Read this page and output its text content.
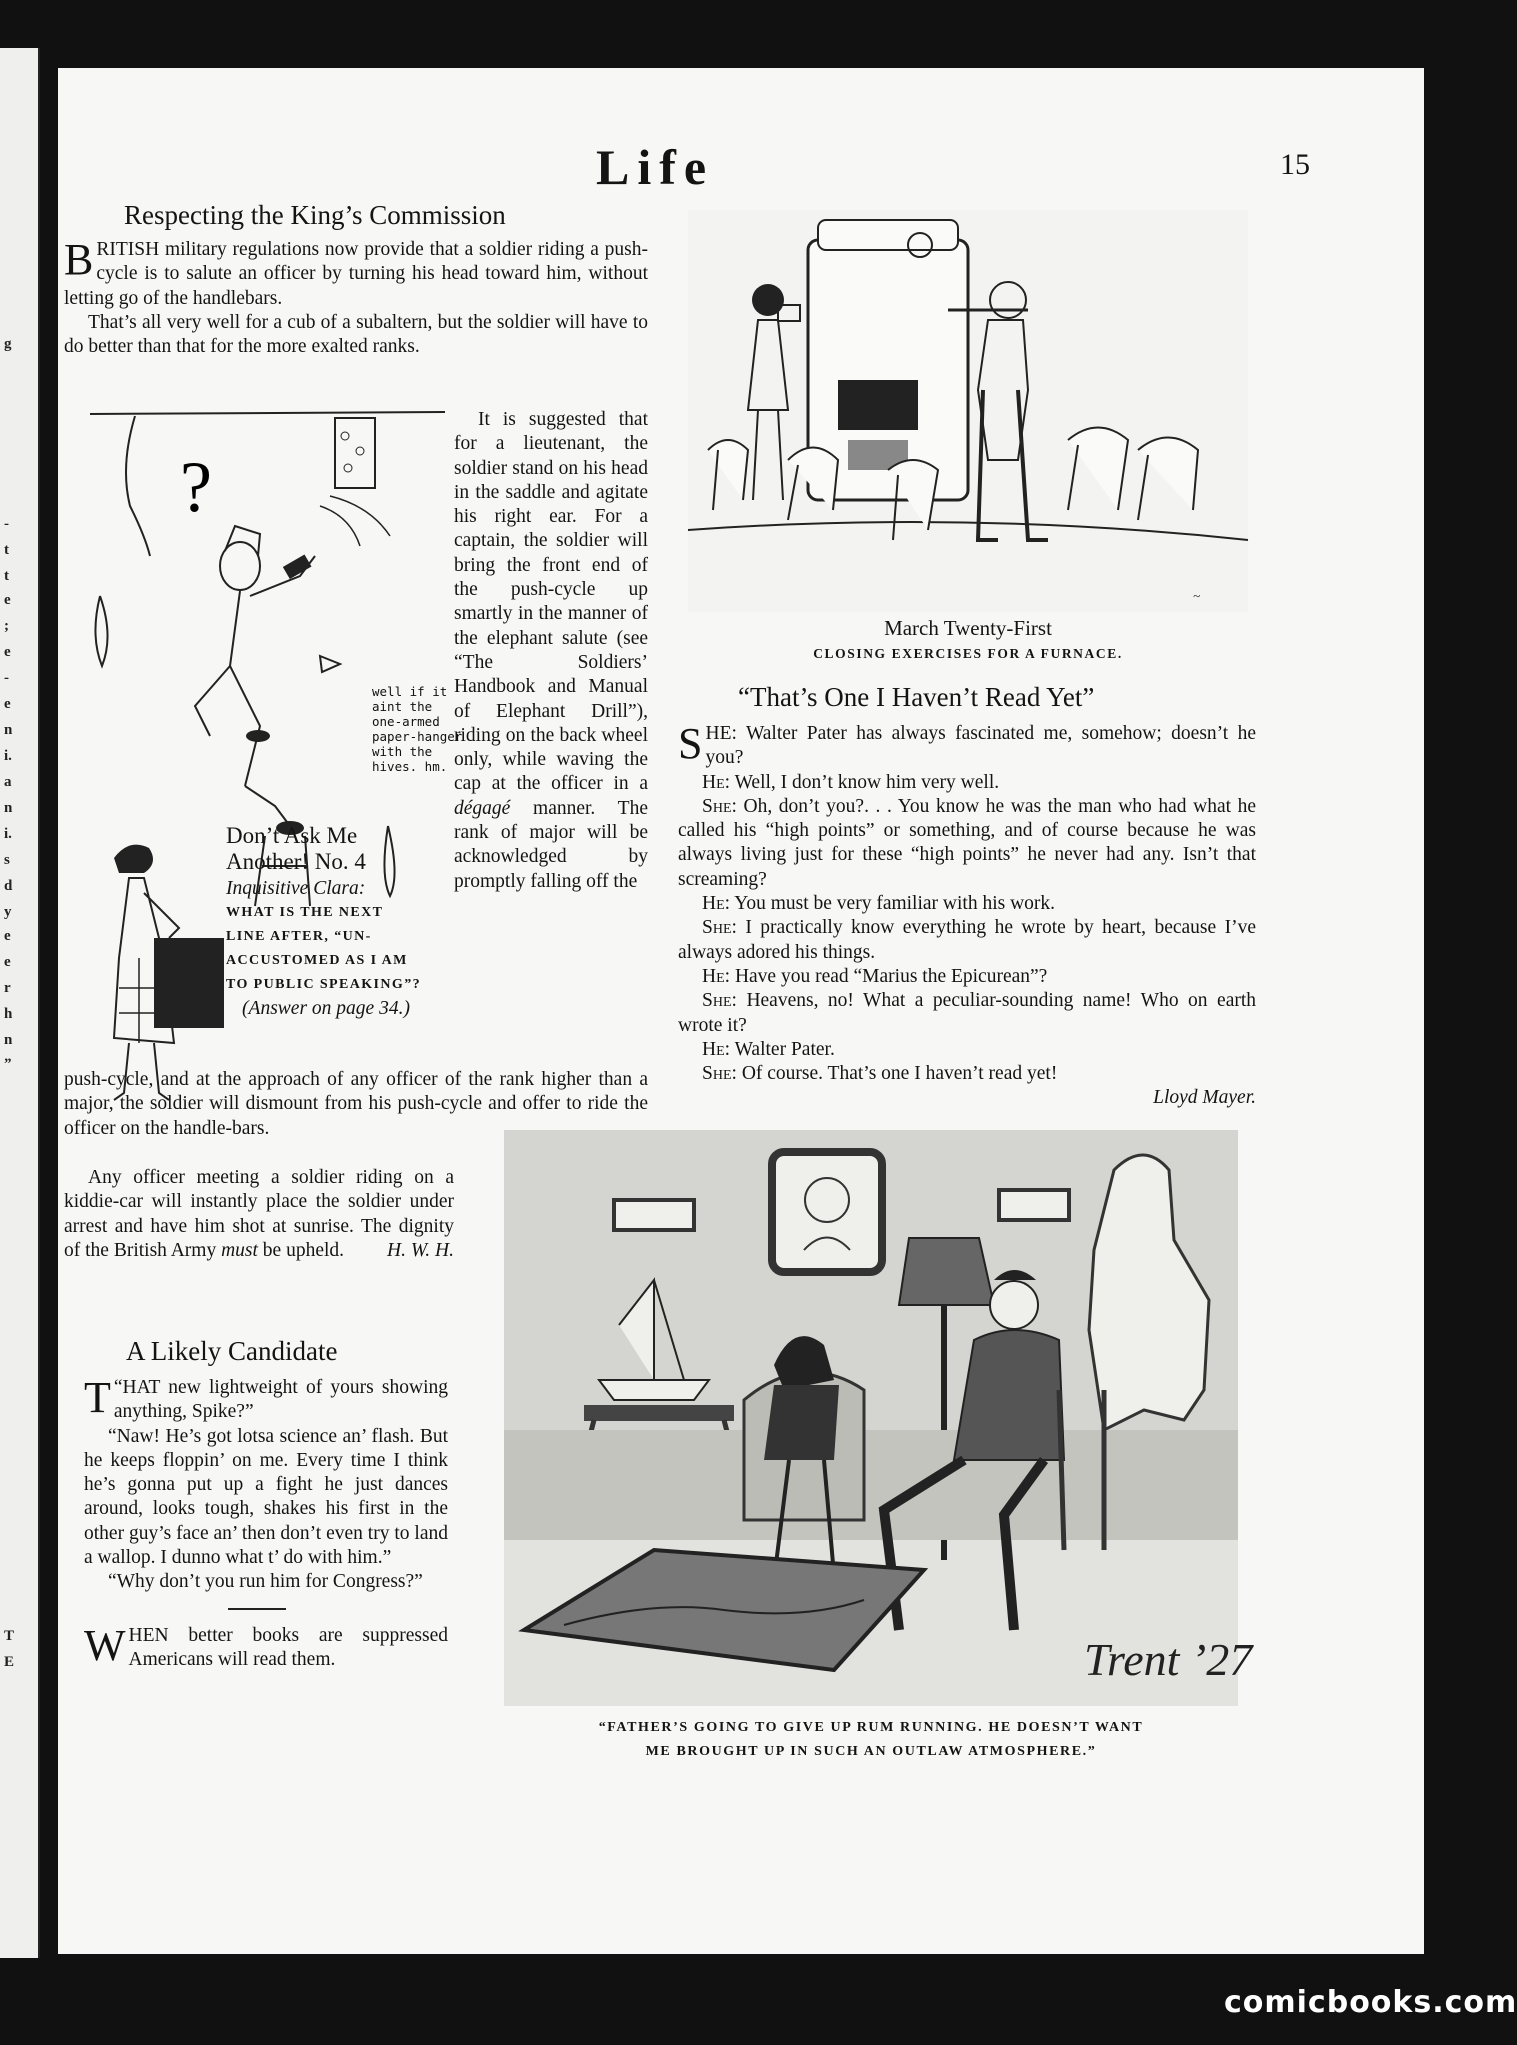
g
-
t
t
e
;
e
-
e
n
i.
a
n
i.
s
d
y
e
e
r
h
n
”
T
E
Life	15
Respecting the King’s Commission

BRITISH military regulations now provide that a soldier riding a push-cycle is to salute an officer by turning his head toward him, without letting go of the handlebars.

That’s all very well for a cub of a subaltern, but the soldier will have to do better than that for the more exalted ranks.

?
well if it aint the one-armed paper-hanger with the hives. hm.
Don’t Ask Me Another! No. 4
Inquisitive Clara:
WHAT IS THE NEXT LINE AFTER, “UN-ACCUSTOMED AS I AM TO PUBLIC SPEAKING”?
(Answer on page 34.)

It is suggested that for a lieutenant, the soldier stand on his head in the saddle and agitate his right ear. For a captain, the soldier will bring the front end of the push-cycle up smartly in the manner of the elephant salute (see “The Soldiers’ Handbook and Manual of Elephant Drill”), riding on the back wheel only, while waving the cap at the officer in a dégagé manner. The rank of major will be acknowledged by promptly falling off the

push-cycle, and at the approach of any officer of the rank higher than a major, the soldier will dismount from his push-cycle and offer to ride the officer on the handle-bars.

Any officer meeting a soldier riding on a kiddie-car will instantly place the soldier under arrest and have him shot at sunrise. The dignity of the British Army must be upheld.	H. W. H.
A Likely Candidate

“
T HAT new lightweight of yours showing anything, Spike?”

“Naw! He’s got lotsa science an’ flash. But he keeps floppin’ on me. Every time I think he’s gonna put up a fight he just dances around, looks tough, shakes his first in the other guy’s face an’ then don’t even try to land a wallop. I dunno what t’ do with him.”

“Why don’t you run him for Congress?”

WHEN better books are suppressed Americans will read them.

~
March Twenty-First
CLOSING EXERCISES FOR A FURNACE.
“That’s One I Haven’t Read Yet”

SHE: Walter Pater has always fascinated me, somehow; doesn’t he you?

He: Well, I don’t know him very well.

She: Oh, don’t you?. . . You know he was the man who had what he called his “high points” or something, and of course because he was always living just for these “high points” he never had any. Isn’t that screaming?

He: You must be very familiar with his work.

She: I practically know everything he wrote by heart, because I’ve always adored his things.

He: Have you read “Marius the Epicurean”?

She: Heavens, no! What a peculiar-sounding name! Who on earth wrote it?

He: Walter Pater.

She: Of course. That’s one I haven’t read yet!

Lloyd Mayer.
Trent ’27
“FATHER’S GOING TO GIVE UP RUM RUNNING. HE DOESN’T WANT
ME BROUGHT UP IN SUCH AN OUTLAW ATMOSPHERE.”
comicbooks.com
